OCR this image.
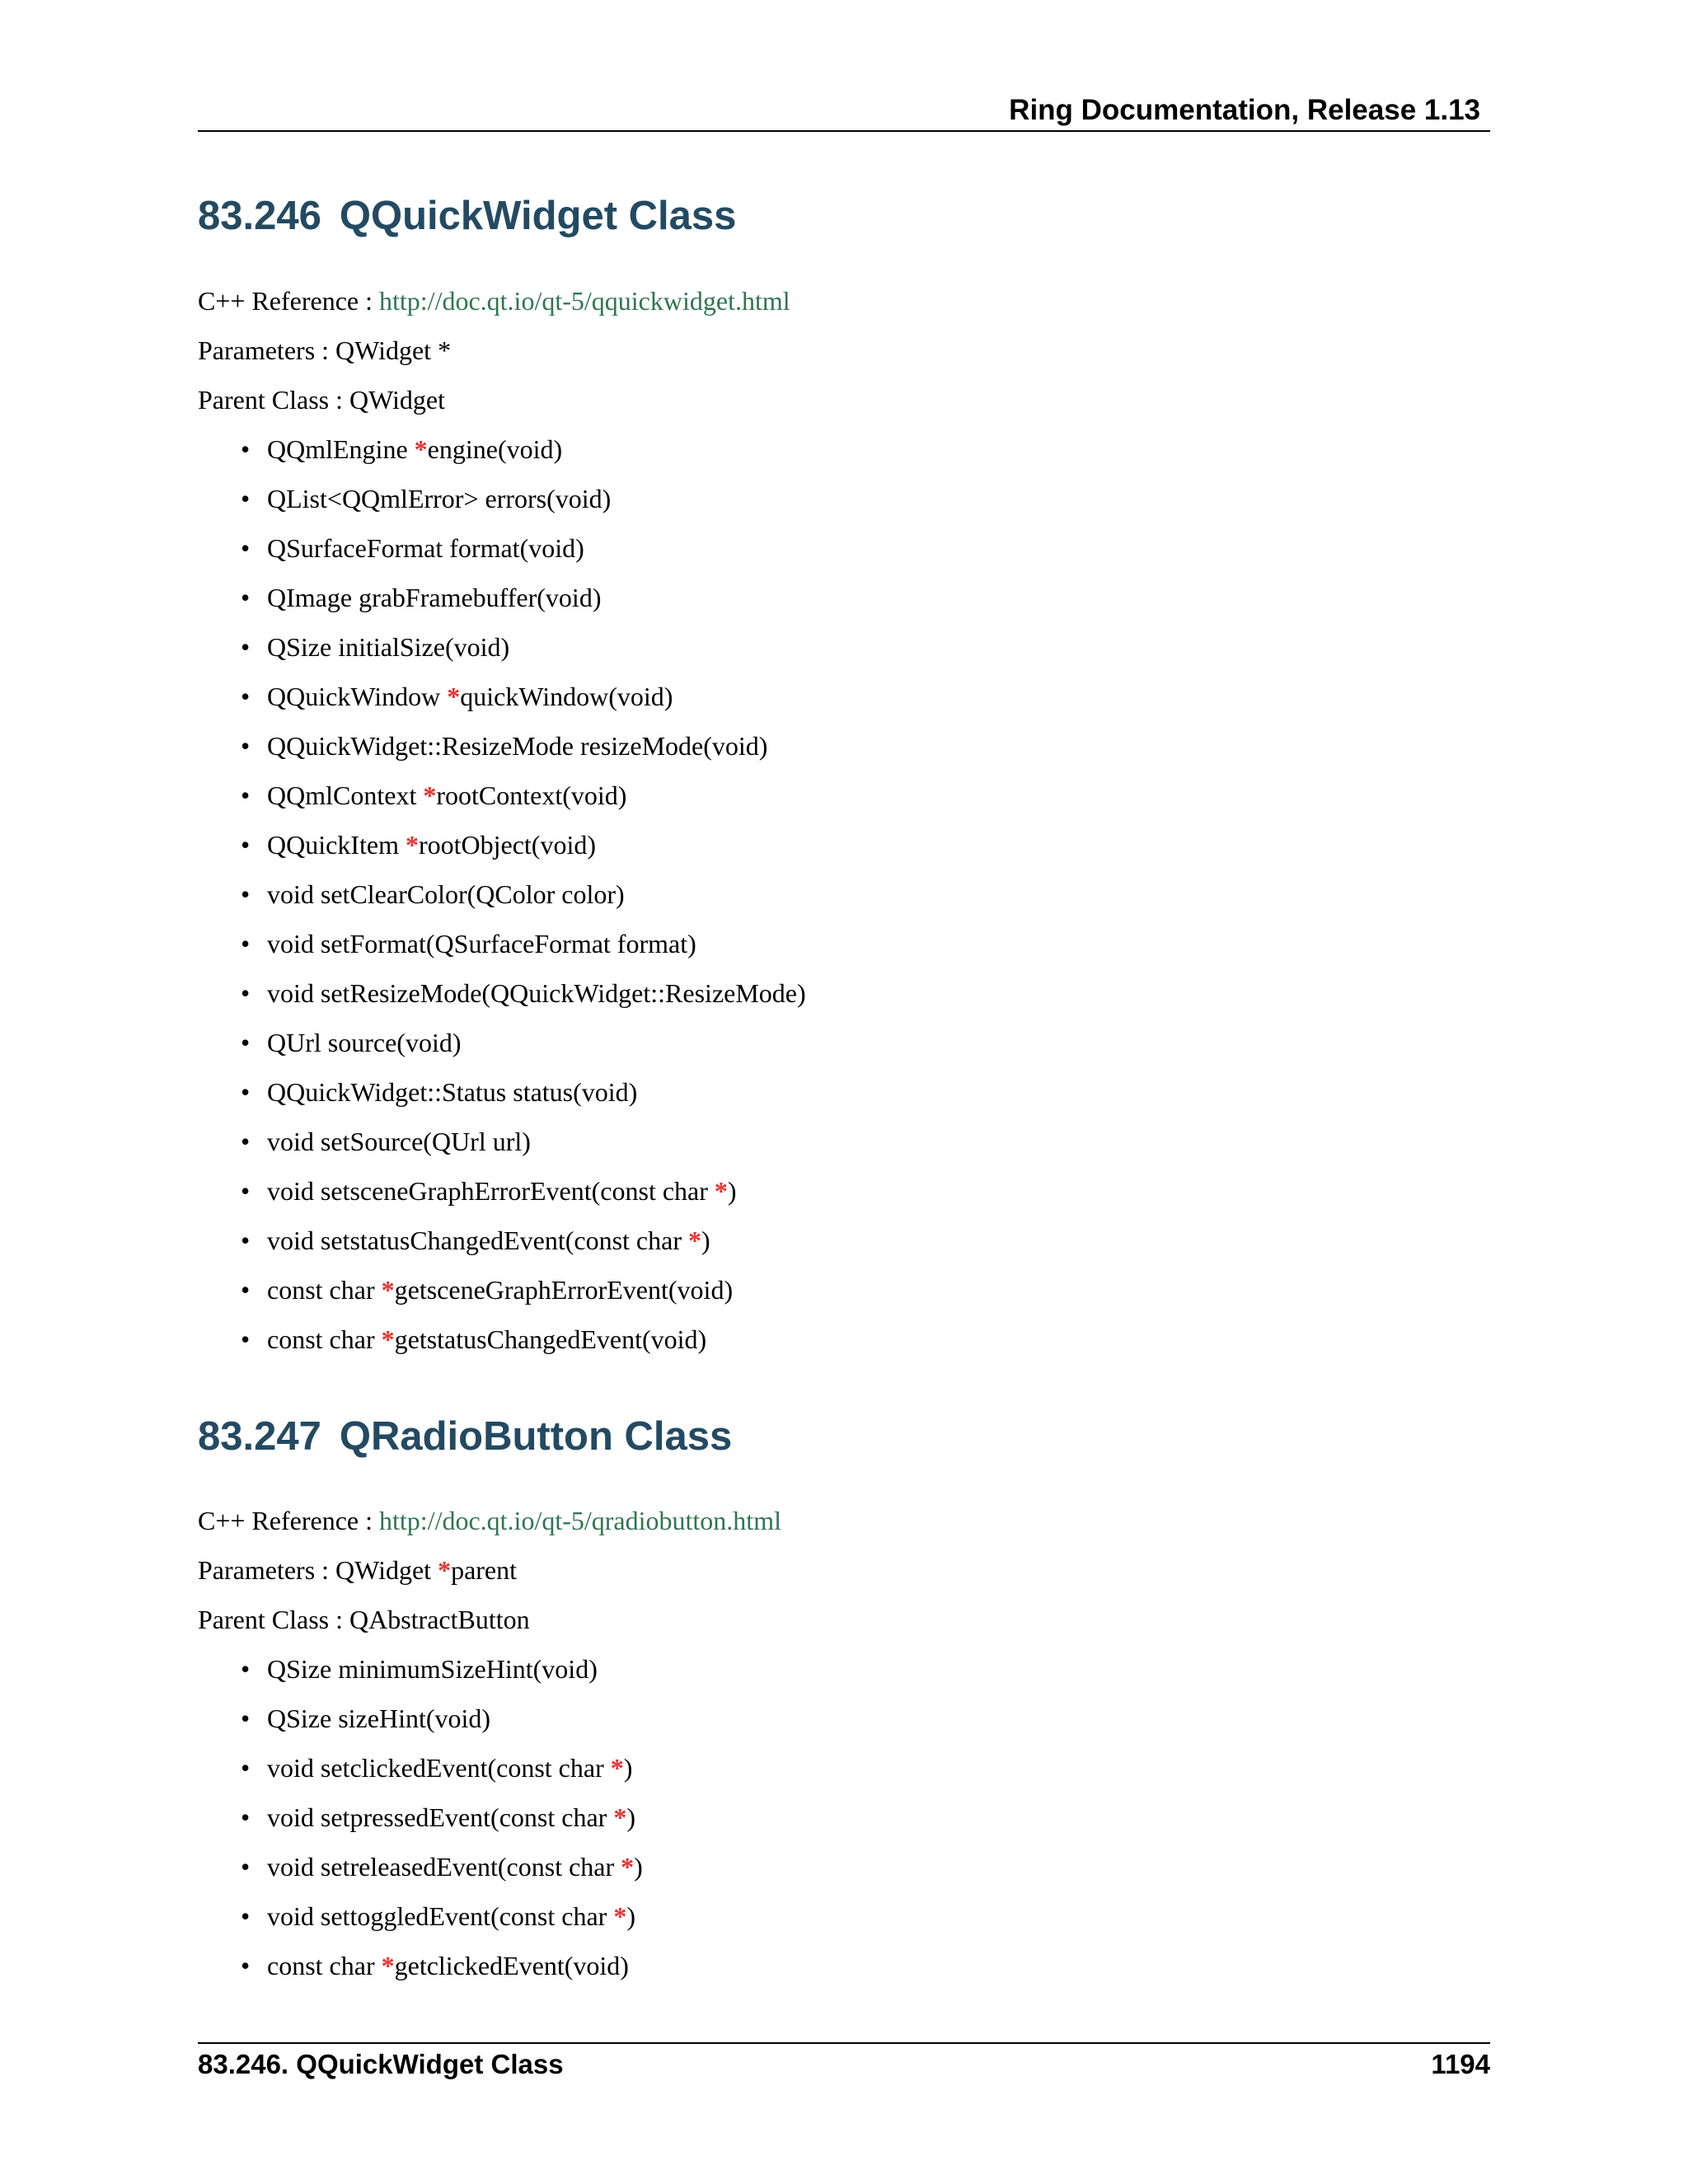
Ring Documentation, Release 1.13
83.246 QQuickWidget Class
C++ Reference : http://doc.qt.io/qt-5/qquickwidget.html
Parameters : QWidget *
Parent Class : QWidget
• QQmlEngine *engine(void)
• QList<QQmlError> errors(void)
• QSurfaceFormat format(void)
• QImage grabFramebuffer(void)
• QSize initialSize(void)
• QQuickWindow *quickWindow(void)
• QQuickWidget::ResizeMode resizeMode(void)
• QQmlContext *rootContext(void)
• QQuickItem *rootObject(void)
• void setClearColor(QColor color)
• void setFormat(QSurfaceFormat format)
• void setResizeMode(QQuickWidget::ResizeMode)
• QUrl source(void)
• QQuickWidget::Status status(void)
• void setSource(QUrl url)
• void setsceneGraphErrorEvent(const char *)
• void setstatusChangedEvent(const char *)
• const char *getsceneGraphErrorEvent(void)
• const char *getstatusChangedEvent(void)
83.247 QRadioButton Class
C++ Reference : http://doc.qt.io/qt-5/qradiobutton.html
Parameters : QWidget *parent
Parent Class : QAbstractButton
• QSize minimumSizeHint(void)
• QSize sizeHint(void)
• void setclickedEvent(const char *)
• void setpressedEvent(const char *)
• void setreleasedEvent(const char *)
• void settoggledEvent(const char *)
• const char *getclickedEvent(void)
83.246. QQuickWidget Class	1194
